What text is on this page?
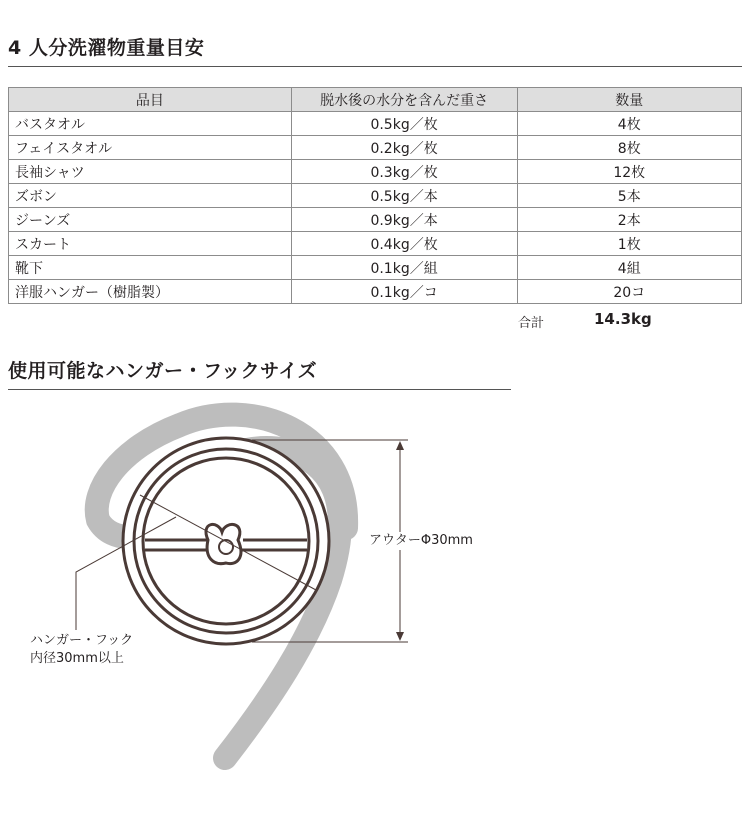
4 人分洗濯物重量目安
品目	脱水後の水分を含んだ重さ	数量
バスタオル	0.5kg／枚	4枚
フェイスタオル	0.2kg／枚	8枚
長袖シャツ	0.3kg／枚	12枚
ズボン	0.5kg／本	5本
ジーンズ	0.9kg／本	2本
スカート	0.4kg／枚	1枚
靴下	0.1kg／組	4組
洋服ハンガー（樹脂製）	0.1kg／コ	20コ
合計	14.3kg
使用可能なハンガー・フックサイズ
アウターΦ30mm
ハンガー・フック
内径30mm以上
